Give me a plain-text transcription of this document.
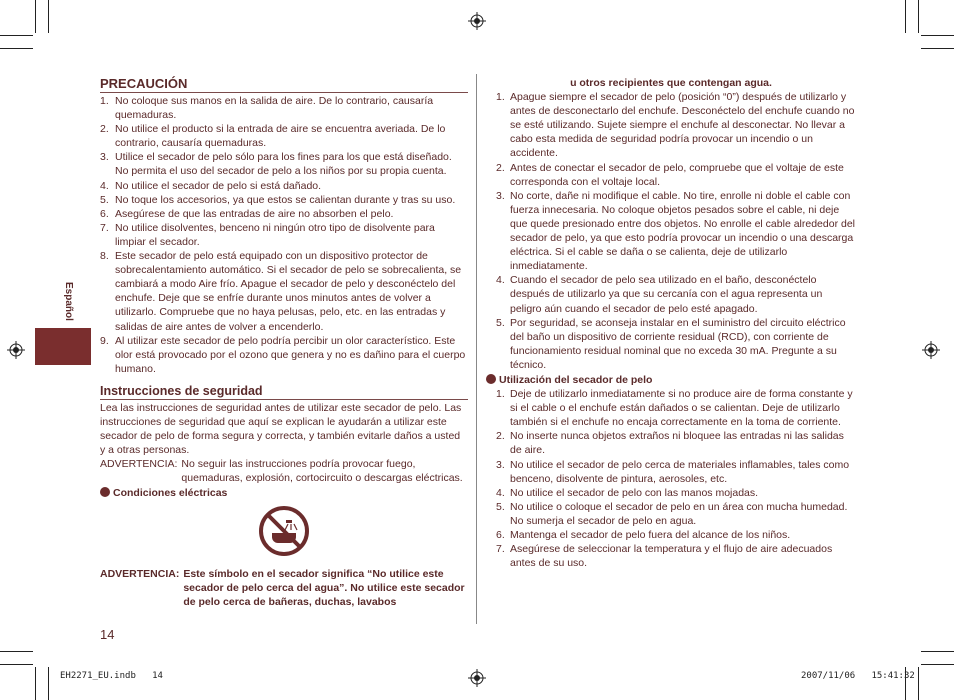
Español
PRECAUCIÓN
1. No coloque sus manos en la salida de aire. De lo contrario, causaría quemaduras.
2. No utilice el producto si la entrada de aire se encuentra averiada. De lo contrario, causaría quemaduras.
3. Utilice el secador de pelo sólo para los fines para los que está diseñado. No permita el uso del secador de pelo a los niños por su propia cuenta.
4. No utilice el secador de pelo si está dañado.
5. No toque los accesorios, ya que estos se calientan durante y tras su uso.
6. Asegúrese de que las entradas de aire no absorben el pelo.
7. No utilice disolventes, benceno ni ningún otro tipo de disolvente para limpiar el secador.
8. Este secador de pelo está equipado con un dispositivo protector de sobrecalentamiento automático. Si el secador de pelo se sobrecalienta, se cambiará a modo Aire frío. Apague el secador de pelo y desconéctelo del enchufe. Deje que se enfríe durante unos minutos antes de volver a utilizarlo. Compruebe que no haya pelusas, pelo, etc. en las entradas y salidas de aire antes de volver a encenderlo.
9. Al utilizar este secador de pelo podría percibir un olor característico. Este olor está provocado por el ozono que genera y no es dañino para el cuerpo humano.
Instrucciones de seguridad
Lea las instrucciones de seguridad antes de utilizar este secador de pelo. Las instrucciones de seguridad que aquí se explican le ayudarán a utilizar este secador de pelo de forma segura y correcta, y también evitarle daños a usted y a otras personas.
ADVERTENCIA: No seguir las instrucciones podría provocar fuego, quemaduras, explosión, cortocircuito o descargas eléctricas.
Condiciones eléctricas
ADVERTENCIA: Este símbolo en el secador significa “No utilice este secador de pelo cerca del agua”. No utilice este secador de pelo cerca de bañeras, duchas, lavabos
u otros recipientes que contengan agua.
1. Apague siempre el secador de pelo (posición “0”) después de utilizarlo y antes de desconectarlo del enchufe. Desconéctelo del enchufe cuando no se esté utilizando. Sujete siempre el enchufe al desconectar. No llevar a cabo esta medida de seguridad podría provocar un incendio o un accidente.
2. Antes de conectar el secador de pelo, compruebe que el voltaje de este corresponda con el voltaje local.
3. No corte, dañe ni modifique el cable. No tire, enrolle ni doble el cable con fuerza innecesaria. No coloque objetos pesados sobre el cable, ni deje que quede presionado entre dos objetos. No enrolle el cable alrededor del secador de pelo, ya que esto podría provocar un incendio o una descarga eléctrica. Si el cable se daña o se calienta, deje de utilizarlo inmediatamente.
4. Cuando el secador de pelo sea utilizado en el baño, desconéctelo después de utilizarlo ya que su cercanía con el agua representa un peligro aún cuando el secador de pelo esté apagado.
5. Por seguridad, se aconseja instalar en el suministro del circuito eléctrico del baño un dispositivo de corriente residual (RCD), con corriente de funcionamiento residual nominal que no exceda 30 mA. Pregunte a su técnico.
Utilización del secador de pelo
1. Deje de utilizarlo inmediatamente si no produce aire de forma constante y si el cable o el enchufe están dañados o se calientan. Deje de utilizarlo también si el enchufe no encaja correctamente en la toma de corriente.
2. No inserte nunca objetos extraños ni bloquee las entradas ni las salidas de aire.
3. No utilice el secador de pelo cerca de materiales inflamables, tales como benceno, disolvente de pintura, aerosoles, etc.
4. No utilice el secador de pelo con las manos mojadas.
5. No utilice o coloque el secador de pelo en un área con mucha humedad. No sumerja el secador de pelo en agua.
6. Mantenga el secador de pelo fuera del alcance de los niños.
7. Asegúrese de seleccionar la temperatura y el flujo de aire adecuados antes de su uso.
14
EH2271_EU.indb 14	2007/11/06 15:41:32
